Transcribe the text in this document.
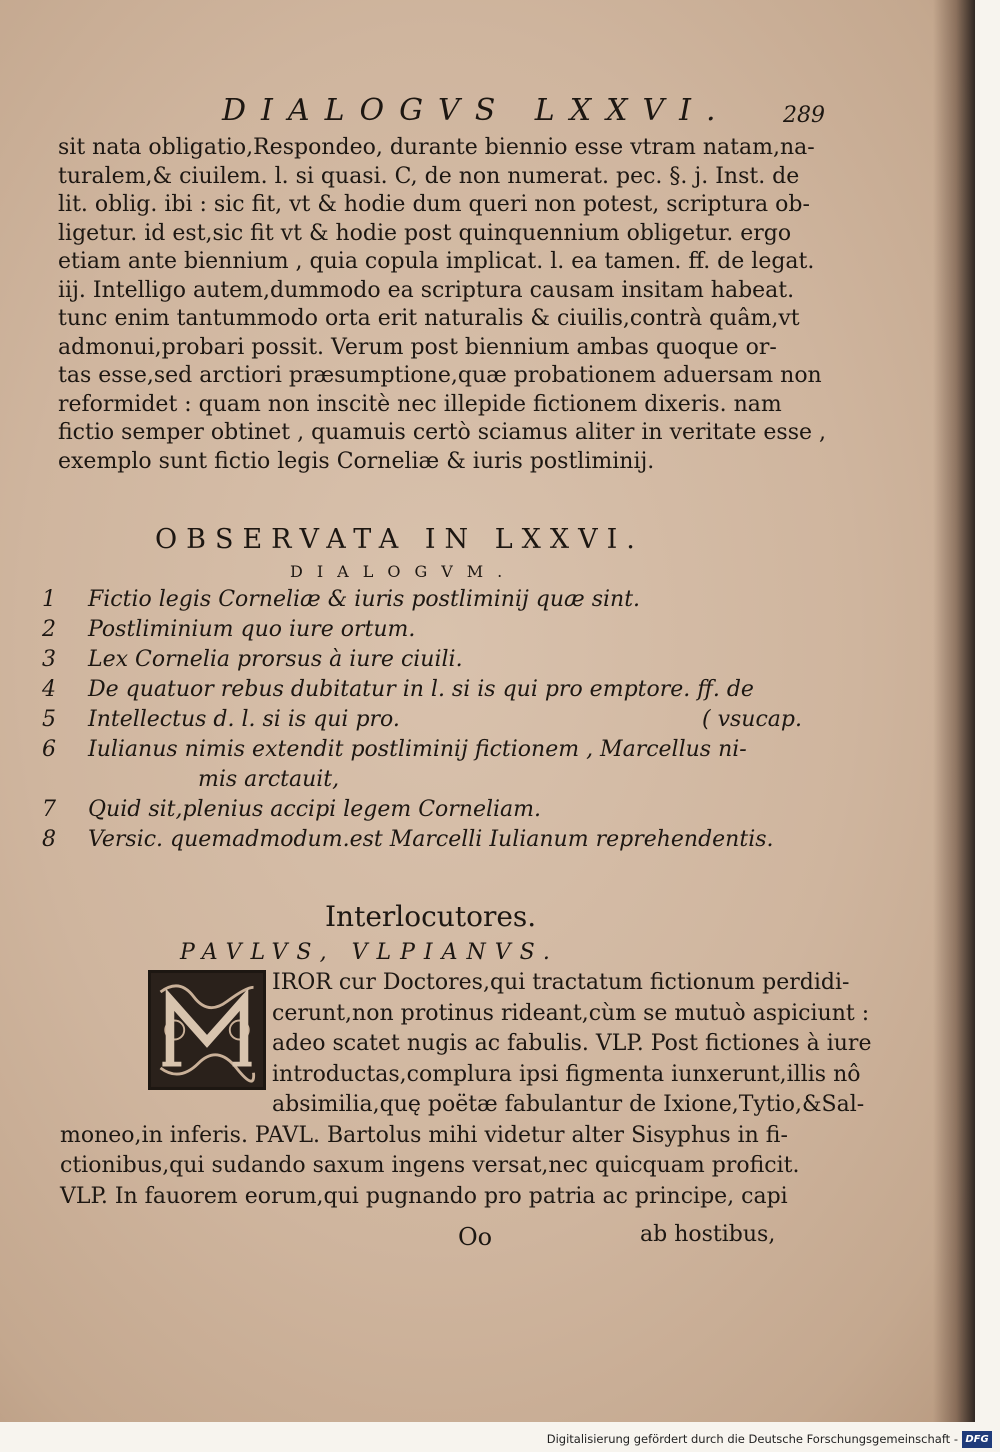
DIALOGVS LXXVI. 289
sit nata obligatio,Respondeo, durante biennio esse vtram natam,na-
turalem,& ciuilem. l. si quasi. C, de non numerat. pec. §. j. Inst. de
lit. oblig. ibi : sic fit, vt & hodie dum queri non potest, scriptura ob-
ligetur. id est,sic fit vt & hodie post quinquennium obligetur. ergo
etiam ante biennium , quia copula implicat. l. ea tamen. ff. de legat.
iij. Intelligo autem,dummodo ea scriptura causam insitam habeat.
tunc enim tantummodo orta erit naturalis & ciuilis,contrà quâm,vt
admonui,probari possit. Verum post biennium ambas quoque or-
tas esse,sed arctiori præsumptione,quæ probationem aduersam non
reformidet : quam non inscitè nec illepide fictionem dixeris. nam
fictio semper obtinet , quamuis certò sciamus aliter in veritate esse ,
exemplo sunt fictio legis Corneliæ & iuris postliminij.
OBSERVATA IN LXXVI.
DIALOGVM.
1	Fictio legis Corneliæ & iuris postliminij quæ sint.
2	Postliminium quo iure ortum.
3	Lex Cornelia prorsus à iure ciuili.
4	De quatuor rebus dubitatur in l. si is qui pro emptore. ff. de
5	Intellectus d. l. si is qui pro.	( vsucap.
6	Iulianus nimis extendit postliminij fictionem , Marcellus ni-
mis arctauit,
7	Quid sit,plenius accipi legem Corneliam.
8	Versic. quemadmodum.est Marcelli Iulianum reprehendentis.
Interlocutores.
PAVLVS, VLPIANVS.
IROR cur Doctores,qui tractatum fictionum perdidi-
cerunt,non protinus rideant,cùm se mutuò aspiciunt :
adeo scatet nugis ac fabulis. VLP. Post fictiones à iure
introductas,complura ipsi figmenta iunxerunt,illis nô
absimilia,quę poëtæ fabulantur de Ixione,Tytio,&Sal-
moneo,in inferis. PAVL. Bartolus mihi videtur alter Sisyphus in fi-
ctionibus,qui sudando saxum ingens versat,nec quicquam proficit.
VLP. In fauorem eorum,qui pugnando pro patria ac principe, capi
Oo	ab hostibus,
Digitalisierung gefördert durch die Deutsche Forschungsgemeinschaft - DFG
